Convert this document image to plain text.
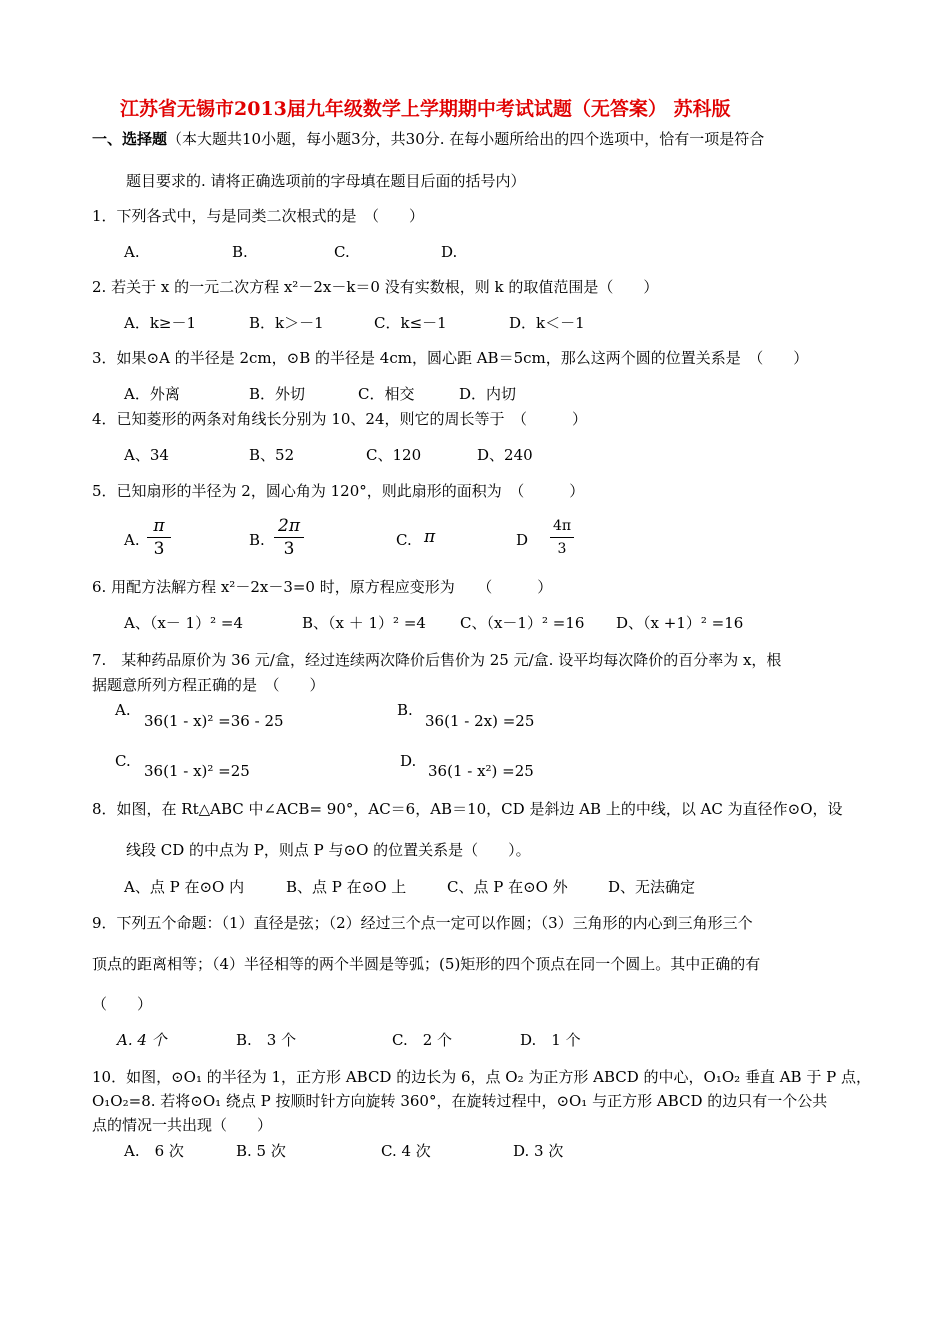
江苏省无锡市2013届九年级数学上学期期中考试试题（无答案） 苏科版
一、选择题（本大题共10小题，每小题3分，共30分. 在每小题所给出的四个选项中，恰有一项是符合
题目要求的. 请将正确选项前的字母填在题目后面的括号内）
1．下列各式中，与是同类二次根式的是　（　　）
A.	B.	C.	D.
2. 若关于 x 的一元二次方程 x²－2x－k＝0 没有实数根，则 k 的取值范围是（　　）
A．k≥－1	B．k＞－1	C．k≤－1	D．k＜－1
3．如果⊙A 的半径是 2cm，⊙B 的半径是 4cm，圆心距 AB＝5cm，那么这两个圆的位置关系是　（　　）
A．外离	B．外切	C．相交	D．内切
4．已知菱形的两条对角线长分别为 10、24，则它的周长等于　（　　　）
A、34	B、52	C、120	D、240
5．已知扇形的半径为 2，圆心角为 120°，则此扇形的面积为　（　　　）
A.
π
3	B.
2π
3	C. π	D
4π
3
6. 用配方法解方程 x²－2x－3=0 时，原方程应变形为　　（　　　）
A、（x－ 1）² =4	B、（x ＋ 1）² =4 C、（x－1）² =16 D、（x +1）² =16
7.　某种药品原价为 36 元/盒，经过连续两次降价后售价为 25 元/盒. 设平均每次降价的百分率为 x，根
据题意所列方程正确的是　（　　）
A.
36(1 - x)² =36 - 25
B.
36(1 - 2x) =25
C.
36(1 - x)² =25
D.
36(1 - x²) =25
8．如图，在 Rt△ABC 中∠ACB= 90°，AC＝6，AB＝10，CD 是斜边 AB 上的中线，以 AC 为直径作⊙O，设
线段 CD 的中点为 P，则点 P 与⊙O 的位置关系是（　　）。
A、点 P 在⊙O 内	B、点 P 在⊙O 上	C、点 P 在⊙O 外	D、无法确定
9．下列五个命题：（1）直径是弦；（2）经过三个点一定可以作圆；（3）三角形的内心到三角形三个
顶点的距离相等；（4）半径相等的两个半圆是等弧；(5)矩形的四个顶点在同一个圆上。其中正确的有
（　　）
A. 4 个	B.　3 个	C.　2 个	D.　1 个
10．如图，⊙O₁ 的半径为 1，正方形 ABCD 的边长为 6，点 O₂ 为正方形 ABCD 的中心，O₁O₂ 垂直 AB 于 P 点，
O₁O₂=8. 若将⊙O₁ 绕点 P 按顺时针方向旋转 360°，在旋转过程中，⊙O₁ 与正方形 ABCD 的边只有一个公共
点的情况一共出现（　　）
A.　6 次	B. 5 次	C. 4 次	D. 3 次
